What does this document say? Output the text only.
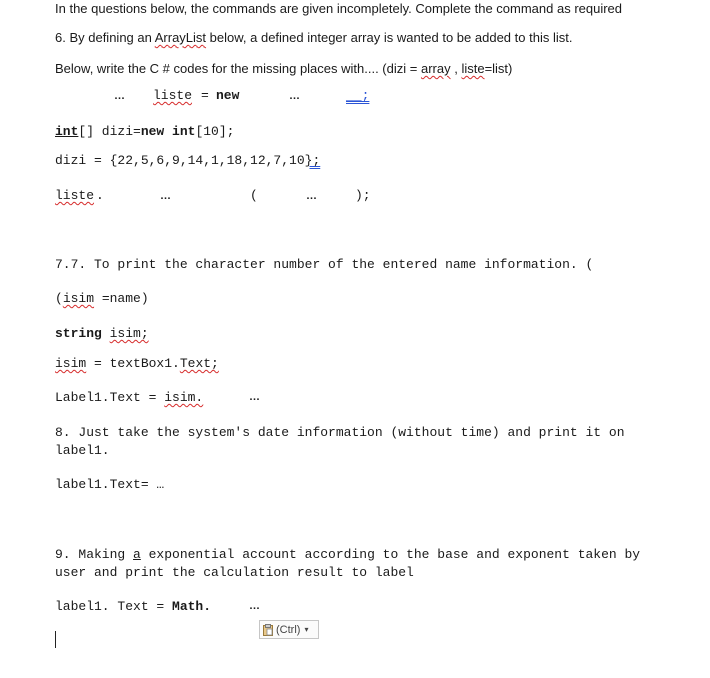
In the questions below, the commands are given incompletely. Complete the command as required
6. By defining an ArrayList below, a defined integer array is wanted to be added to this list.
Below, write the C # codes for the missing places with.... (dizi = array , liste=list)
… liste = new	…	__;
int[] dizi=new int[10];
dizi = {22,5,6,9,14,1,18,12,7,10};
liste .	…	(	…	);
7.7. To print the character number of the entered name information. (
(isim =name)
string isim;
isim = textBox1.Text;
Label1.Text = isim.	…
8. Just take the system's date information (without time) and print it on label1.
label1.Text= …
9. Making a exponential account according to the base and exponent taken by user and print the calculation result to label
label1. Text = Math.	…
(Ctrl) ▾
